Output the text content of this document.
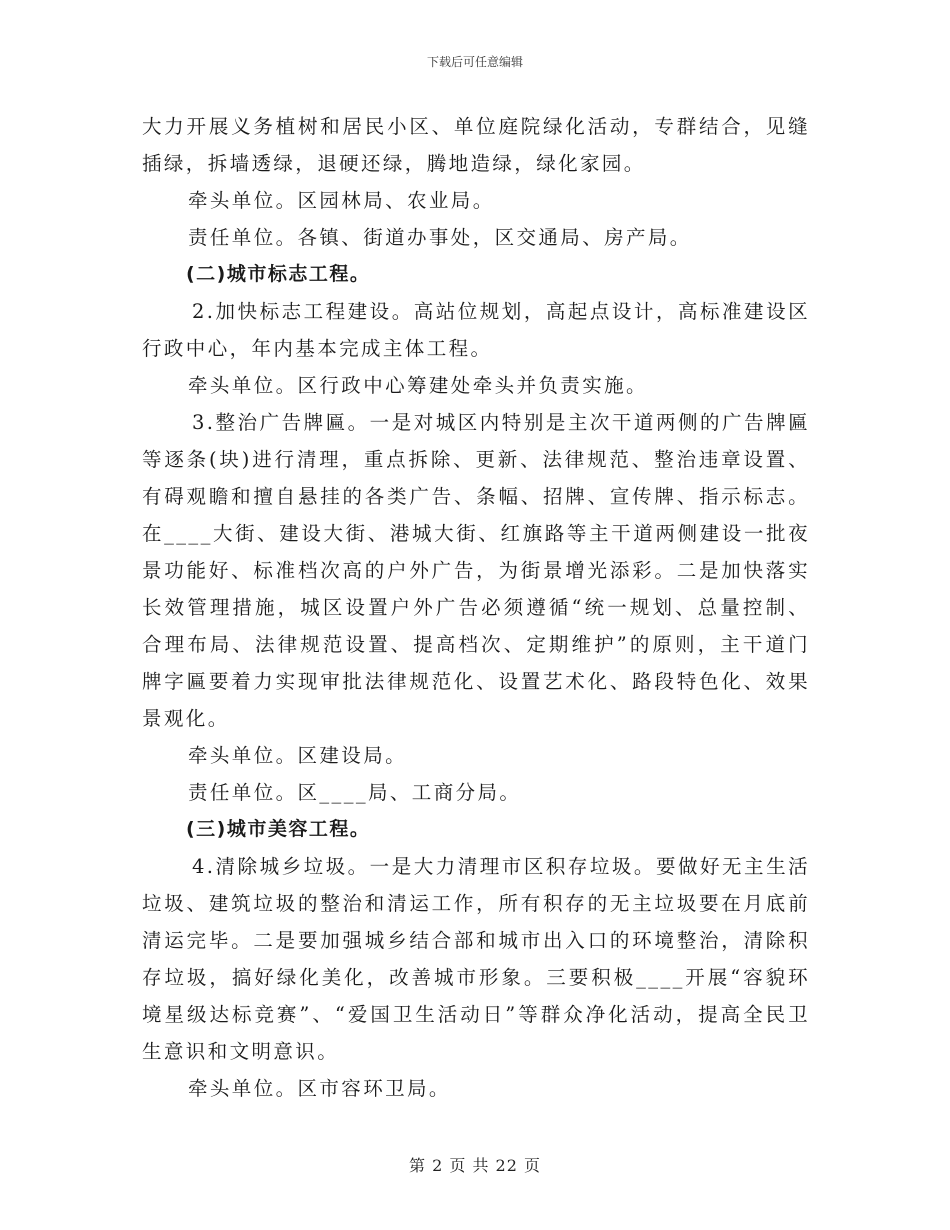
下载后可任意编辑

大力开展义务植树和居民小区、单位庭院绿化活动，专群结合，见缝插绿，拆墙透绿，退硬还绿，腾地造绿，绿化家园。

牵头单位。区园林局、农业局。

责任单位。各镇、街道办事处，区交通局、房产局。

(二)城市标志工程。

2.加快标志工程建设。高站位规划，高起点设计，高标准建设区行政中心，年内基本完成主体工程。

牵头单位。区行政中心筹建处牵头并负责实施。

3.整治广告牌匾。一是对城区内特别是主次干道两侧的广告牌匾等逐条(块)进行清理，重点拆除、更新、法律规范、整治违章设置、有碍观瞻和擅自悬挂的各类广告、条幅、招牌、宣传牌、指示标志。在____大街、建设大街、港城大街、红旗路等主干道两侧建设一批夜景功能好、标准档次高的户外广告，为街景增光添彩。二是加快落实长效管理措施，城区设置户外广告必须遵循“统一规划、总量控制、合理布局、法律规范设置、提高档次、定期维护”的原则，主干道门牌字匾要着力实现审批法律规范化、设置艺术化、路段特色化、效果景观化。

牵头单位。区建设局。

责任单位。区____局、工商分局。

(三)城市美容工程。

4.清除城乡垃圾。一是大力清理市区积存垃圾。要做好无主生活垃圾、建筑垃圾的整治和清运工作，所有积存的无主垃圾要在月底前清运完毕。二是要加强城乡结合部和城市出入口的环境整治，清除积存垃圾，搞好绿化美化，改善城市形象。三要积极____开展“容貌环境星级达标竞赛”、“爱国卫生活动日”等群众净化活动，提高全民卫生意识和文明意识。

牵头单位。区市容环卫局。

第 2 页 共 22 页
